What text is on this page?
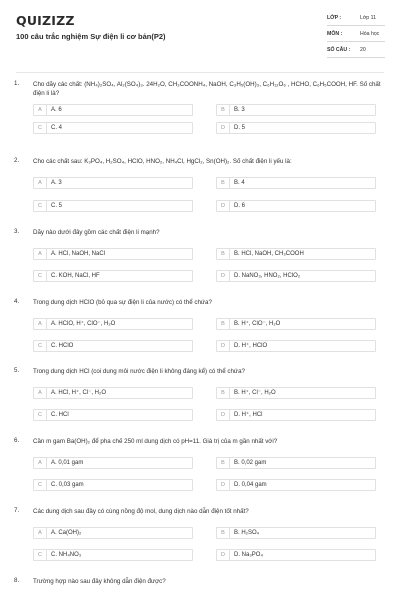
QUIZIZZ
100 câu trắc nghiệm Sự điện li cơ bản(P2)
LỚP :	Lớp 11
MÔN :	Hóa học
SỐ CÂU :	20
1. Cho dãy các chất: (NH₄)₂SO₄, Al₂(SO₄)₃. 24H₂O, CH₃COONH₄, NaOH, C₃H₅(OH)₃, C₆H₁₂O₆ , HCHO, C₆H₅COOH, HF. Số chất điện li là?
A	A. 6	B	B. 3
C	C. 4	D	D. 5
2. Cho các chất sau: K₃PO₄, H₂SO₄, HClO, HNO₂, NH₄Cl, HgCl₂, Sn(OH)₂. Số chất điện li yếu là:
A	A. 3	B	B. 4
C	C. 5	D	D. 6
3. Dãy nào dưới đây gồm các chất điện li mạnh?
A	A. HCl, NaOH, NaCl	B	B. HCl, NaOH, CH₃COOH
C	C. KOH, NaCl, HF	D	D. NaNO₃, HNO₂, HClO₂
4. Trong dung dịch HClO (bỏ qua sự điện li của nước) có thể chứa?
A	A. HClO, H⁺, ClO⁻, H₂O	B	B. H⁺, ClO⁻, H₂O
C	C. HClO	D	D. H⁺, HClO
5. Trong dung dịch HCl (coi dung môi nước điện li không đáng kể) có thể chứa?
A	A. HCl, H⁺, Cl⁻, H₂O	B	B. H⁺, Cl⁻, H₂O
C	C. HCl	D	D. H⁺, HCl
6. Cần m gam Ba(OH)₂ để pha chế 250 ml dung dịch có pH=11. Giá trị của m gần nhất với?
A	A. 0,01 gam	B	B. 0,02 gam
C	C. 0,03 gam	D	D. 0,04 gam
7. Các dung dịch sau đây có cùng nồng độ mol, dung dịch nào dẫn điện tốt nhất?
A	A. Ca(OH)₂	B	B. H₂SO₄
C	C. NH₄NO₃	D	D. Na₃PO₄
8. Trường hợp nào sau đây không dẫn điện được?
